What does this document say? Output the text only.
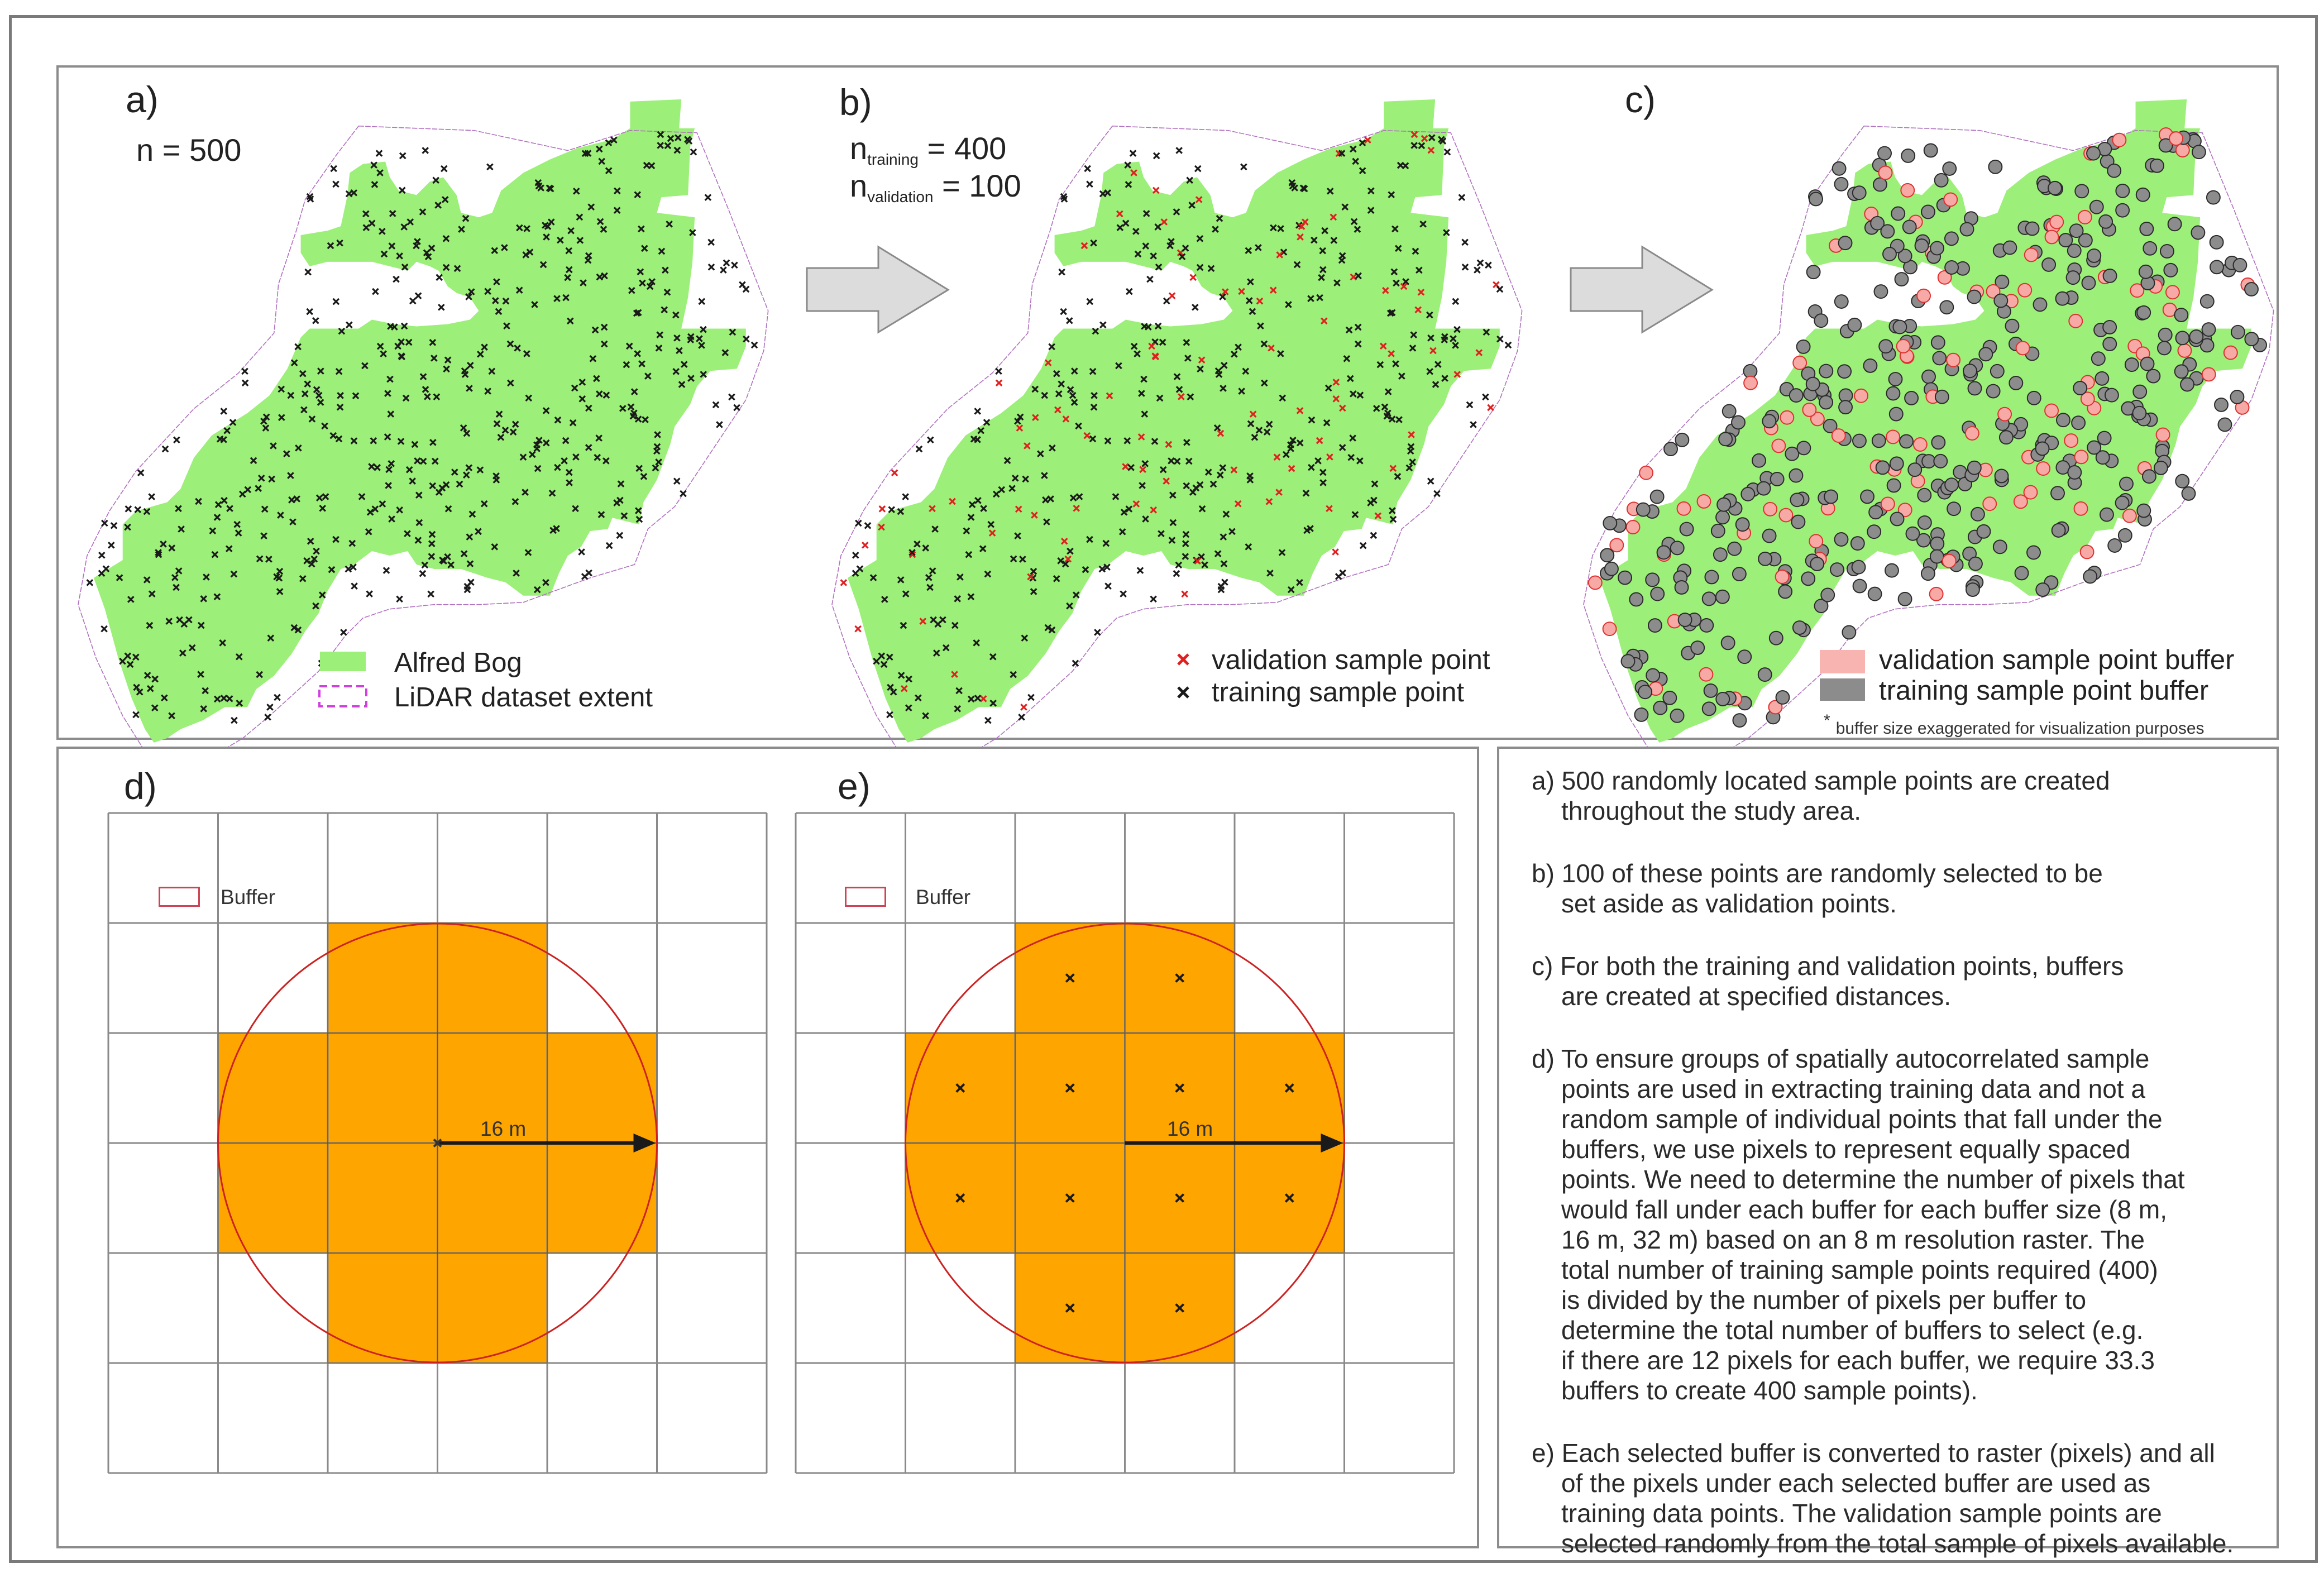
a)
n = 500
Alfred Bog
LiDAR dataset extent
b)
$n_{training} = 400$
$n_{validation} = 100$
validation sample point
training sample point
c)
validation sample point buffer
training sample point buffer
* buffer size exaggerated for visualization purposes
d)
Buffer
16 m
e)
Buffer
16 m
a) 500 randomly located sample points are created
throughout the study area.
b) 100 of these points are randomly selected to be
set aside as validation points.
c) For both the training and validation points, buffers
are created at specified distances.
d) To ensure groups of spatially autocorrelated sample
points are used in extracting training data and not a
random sample of individual points that fall under the
buffers, we use pixels to represent equally spaced
points. We need to determine the number of pixels that
would fall under each buffer for each buffer size (8 m,
16 m, 32 m) based on an 8 m resolution raster. The
total number of training sample points required (400)
is divided by the number of pixels per buffer to
determine the total number of buffers to select (e.g.
if there are 12 pixels for each buffer, we require 33.3
buffers to create 400 sample points).
e) Each selected buffer is converted to raster (pixels) and all
of the pixels under each selected buffer are used as
training data points. The validation sample points are
selected randomly from the total sample of pixels available.
